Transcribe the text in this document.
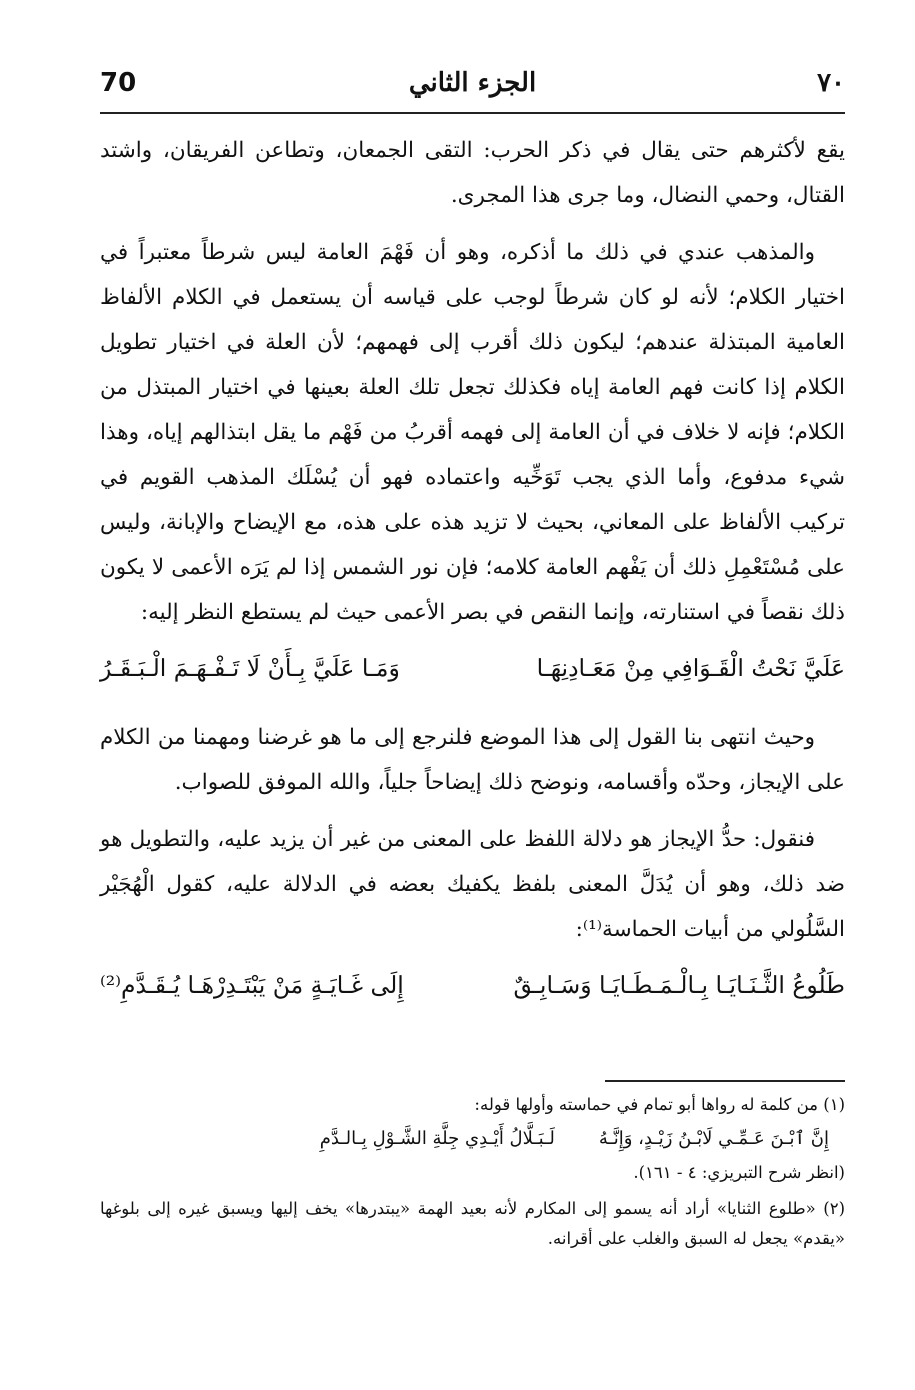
70	الجزء الثاني	٧٠

يقع لأكثرهم حتى يقال في ذكر الحرب: التقى الجمعان، وتطاعن الفريقان، واشتد القتال، وحمي النضال، وما جرى هذا المجرى.

والمذهب عندي في ذلك ما أذكره، وهو أن فَهْمَ العامة ليس شرطاً معتبراً في اختيار الكلام؛ لأنه لو كان شرطاً لوجب على قياسه أن يستعمل في الكلام الألفاظ العامية المبتذلة عندهم؛ ليكون ذلك أقرب إلى فهمهم؛ لأن العلة في اختيار تطويل الكلام إذا كانت فهم العامة إياه فكذلك تجعل تلك العلة بعينها في اختيار المبتذل من الكلام؛ فإنه لا خلاف في أن العامة إلى فهمه أقربُ من فَهْم ما يقل ابتذالهم إياه، وهذا شيء مدفوع، وأما الذي يجب تَوَخِّيه واعتماده فهو أن يُسْلَك المذهب القويم في تركيب الألفاظ على المعاني، بحيث لا تزيد هذه على هذه، مع الإيضاح والإبانة، وليس على مُسْتَعْمِلِ ذلك أن يَفْهم العامة كلامه؛ فإن نور الشمس إذا لم يَرَه الأعمى لا يكون ذلك نقصاً في استنارته، وإنما النقص في بصر الأعمى حيث لم يستطع النظر إليه:

عَلَيَّ نَحْتُ الْقَـوَافِي مِنْ مَعَـادِنِهَـا
وَمَـا عَلَيَّ بِـأَنْ لَا تَـفْـهَـمَ الْـبَـقَـرُ

وحيث انتهى بنا القول إلى هذا الموضع فلنرجع إلى ما هو غرضنا ومهمنا من الكلام على الإيجاز، وحدّه وأقسامه، ونوضح ذلك إيضاحاً جلياً، والله الموفق للصواب.

فنقول: حدُّ الإيجاز هو دلالة اللفظ على المعنى من غير أن يزيد عليه، والتطويل هو ضد ذلك، وهو أن يُدَلَّ المعنى بلفظ يكفيك بعضه في الدلالة عليه، كقول الْهُجَيْر السَّلُولي من أبيات الحماسة⁽¹⁾:

طَلُوعُ الثَّـنَـايَـا بِـالْـمَـطَـايَـا وَسَـابِـقٌ
إِلَى غَـايَـةٍ مَنْ يَبْتَـدِرْهَـا يُـقَـدَّمِ⁽²⁾

(١) من كلمة له رواها أبو تمام في حماسته وأولها قوله:

إِنَّ ٱبْـنَ عَـمِّـي لَابْـنُ زَيْـدٍ، وَإِنَّـهُ
لَـبَـلَّالُ أَيْـدِي جِلَّةِ الشَّـوْلِ بِـالـدَّمِ

(انظر شرح التبريزي: ٤ - ١٦١).

(٢) «طلوع الثنايا» أراد أنه يسمو إلى المكارم لأنه بعيد الهمة «يبتدرها» يخف إليها ويسبق غيره إلى بلوغها «يقدم» يجعل له السبق والغلب على أقرانه.
